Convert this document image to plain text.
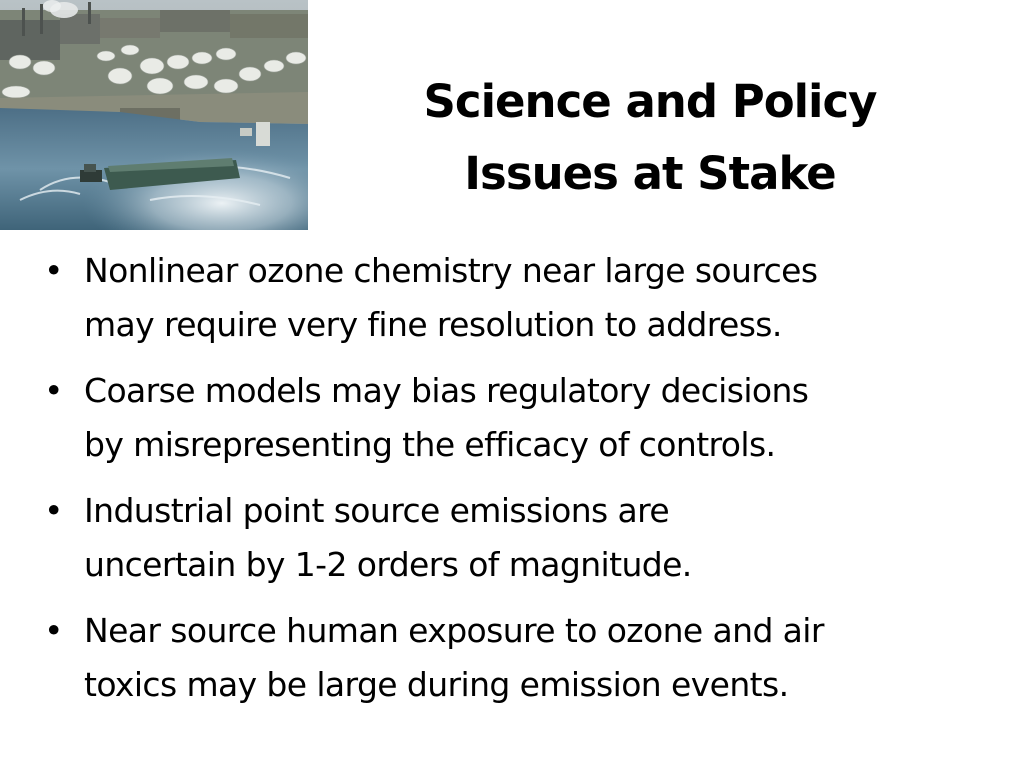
Science and Policy
Issues at Stake
• Nonlinear ozone chemistry near large sources
may require very fine resolution to address.
• Coarse models may bias regulatory decisions
by misrepresenting the efficacy of controls.
• Industrial point source emissions are
uncertain by 1-2 orders of magnitude.
• Near source human exposure to ozone and air
toxics may be large during emission events.
